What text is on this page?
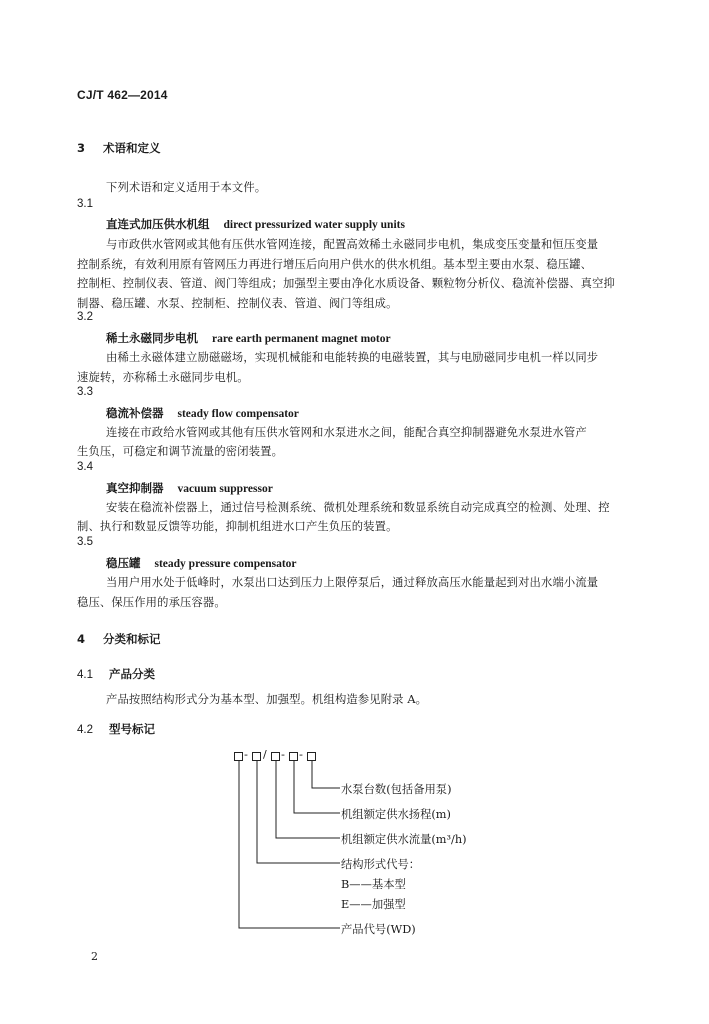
CJ/T 462—2014
3 术语和定义
下列术语和定义适用于本文件。
3.1
直连式加压供水机组 direct pressurized water supply units
与市政供水管网或其他有压供水管网连接，配置高效稀土永磁同步电机，集成变压变量和恒压变量
控制系统，有效利用原有管网压力再进行增压后向用户供水的供水机组。基本型主要由水泵、稳压罐、
控制柜、控制仪表、管道、阀门等组成；加强型主要由净化水质设备、颗粒物分析仪、稳流补偿器、真空抑
制器、稳压罐、水泵、控制柜、控制仪表、管道、阀门等组成。
3.2
稀土永磁同步电机 rare earth permanent magnet motor
由稀土永磁体建立励磁磁场，实现机械能和电能转换的电磁装置，其与电励磁同步电机一样以同步
速旋转，亦称稀土永磁同步电机。
3.3
稳流补偿器 steady flow compensator
连接在市政给水管网或其他有压供水管网和水泵进水之间，能配合真空抑制器避免水泵进水管产
生负压，可稳定和调节流量的密闭装置。
3.4
真空抑制器 vacuum suppressor
安装在稳流补偿器上，通过信号检测系统、微机处理系统和数显系统自动完成真空的检测、处理、控
制、执行和数显反馈等功能，抑制机组进水口产生负压的装置。
3.5
稳压罐 steady pressure compensator
当用户用水处于低峰时，水泵出口达到压力上限停泵后，通过释放高压水能量起到对出水端小流量
稳压、保压作用的承压容器。
4 分类和标记
4.1 产品分类
产品按照结构形式分为基本型、加强型。机组构造参见附录 A。
4.2 型号标记
- / - -
水泵台数(包括备用泵)
机组额定供水扬程(m)
机组额定供水流量(m³/h)
结构形式代号：
B——基本型
E——加强型
产品代号(WD)
2
